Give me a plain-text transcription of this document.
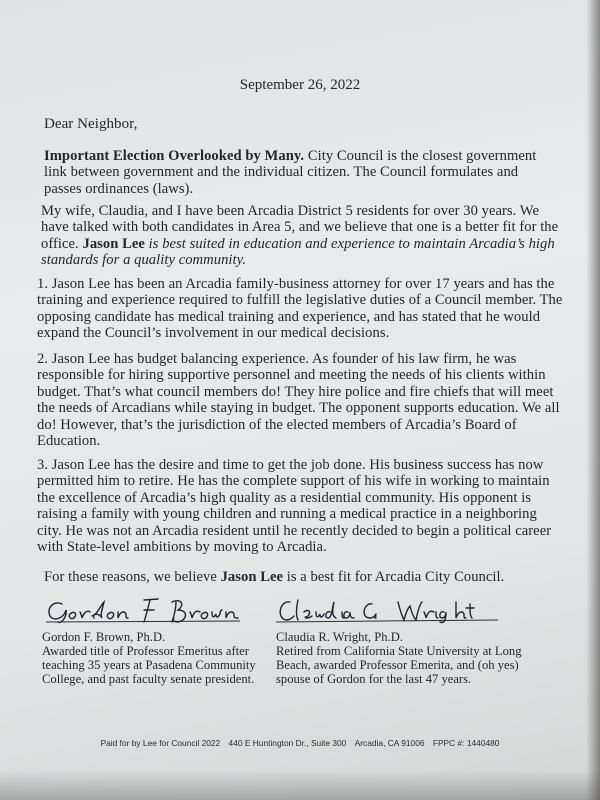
September 26, 2022

Dear Neighbor,

Important Election Overlooked by Many. City Council is the closest government link between government and the individual citizen. The Council formulates and passes ordinances (laws).

My wife, Claudia, and I have been Arcadia District 5 residents for over 30 years. We have talked with both candidates in Area 5, and we believe that one is a better fit for the office. Jason Lee is best suited in education and experience to maintain Arcadia’s high standards for a quality community.

1. Jason Lee has been an Arcadia family-business attorney for over 17 years and has the training and experience required to fulfill the legislative duties of a Council member. The opposing candidate has medical training and experience, and has stated that he would expand the Council’s involvement in our medical decisions.

2. Jason Lee has budget balancing experience. As founder of his law firm, he was responsible for hiring supportive personnel and meeting the needs of his clients within budget. That’s what council members do! They hire police and fire chiefs that will meet the needs of Arcadians while staying in budget. The opponent supports education. We all do! However, that’s the jurisdiction of the elected members of Arcadia’s Board of Education.

3. Jason Lee has the desire and time to get the job done. His business success has now permitted him to retire. He has the complete support of his wife in working to maintain the excellence of Arcadia’s high quality as a residential community. His opponent is raising a family with young children and running a medical practice in a neighboring city. He was not an Arcadia resident until he recently decided to begin a political career with State-level ambitions by moving to Arcadia.

For these reasons, we believe Jason Lee is a best fit for Arcadia City Council.

Gordon F. Brown, Ph.D.
Awarded title of Professor Emeritus after teaching 35 years at Pasadena Community College, and past faculty senate president.
Claudia R. Wright, Ph.D.
Retired from California State University at Long Beach, awarded Professor Emerita, and (oh yes) spouse of Gordon for the last 47 years.
Paid for by Lee for Council 2022 440 E Huntington Dr., Suite 300 Arcadia, CA 91006 FPPC #: 1440480
